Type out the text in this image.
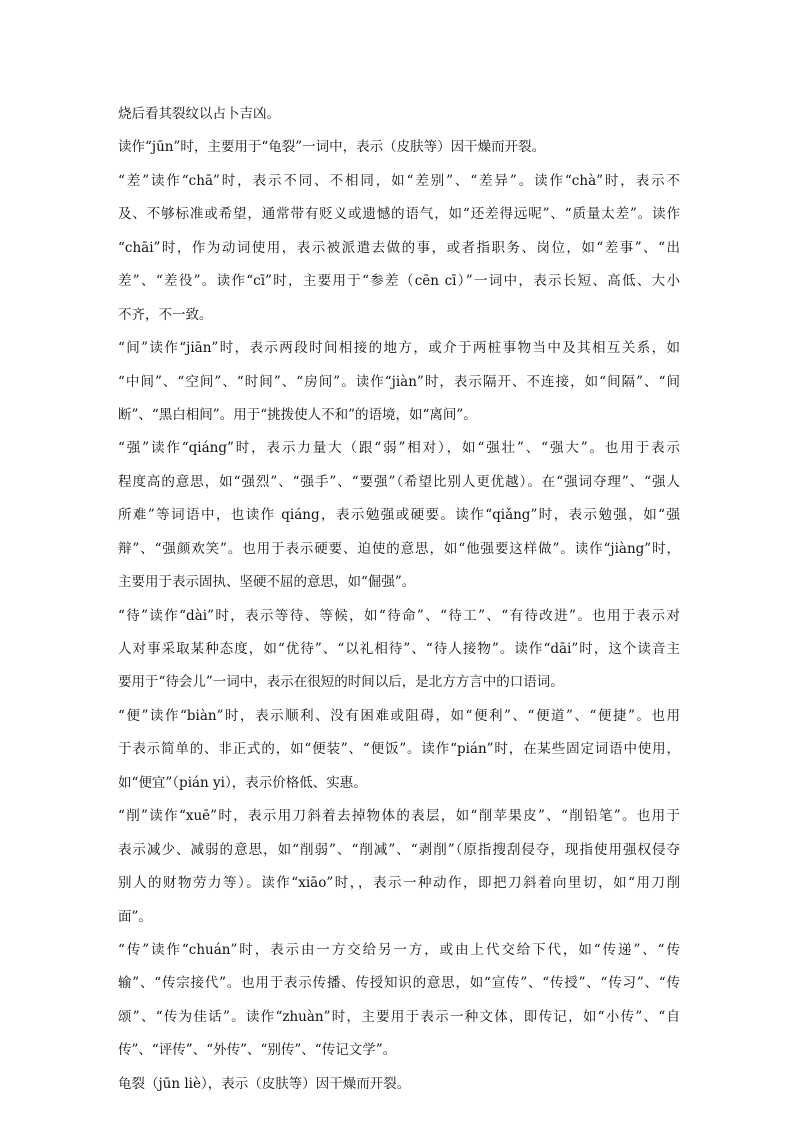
烧后看其裂纹以占卜吉凶。
读作“jūn”时，主要用于“龟裂”一词中，表示（皮肤等）因干燥而开裂。
“差”读作“chā”时，表示不同、不相同，如“差别”、“差异”。读作“chà”时，表示不
及、不够标准或希望，通常带有贬义或遗憾的语气，如“还差得远呢”、“质量太差”。读作
“chāi”时，作为动词使用，表示被派遣去做的事，或者指职务、岗位，如“差事”、“出
差”、“差役”。读作“cī”时，主要用于“参差（cēn cī）”一词中，表示长短、高低、大小
不齐，不一致。
“间”读作“jiān”时，表示两段时间相接的地方，或介于两桩事物当中及其相互关系，如
“中间”、“空间”、“时间”、“房间”。读作“jiàn”时，表示隔开、不连接，如“间隔”、“间
断”、“黑白相间”。用于“挑拨使人不和”的语境，如“离间”。
“强”读作“qiáng”时，表示力量大（跟“弱”相对），如“强壮”、“强大”。也用于表示
程度高的意思，如“强烈”、“强手”、“要强”（希望比别人更优越）。在“强词夺理”、“强人
所难”等词语中，也读作 qiáng，表示勉强或硬要。读作“qiǎng”时，表示勉强，如“强
辩”、“强颜欢笑”。也用于表示硬要、迫使的意思，如“他强要这样做”。读作“jiàng”时，
主要用于表示固执、坚硬不屈的意思，如“倔强”。
“待”读作“dài”时，表示等待、等候，如“待命”、“待工”、“有待改进”。也用于表示对
人对事采取某种态度，如“优待”、“以礼相待”、“待人接物”。读作“dāi”时，这个读音主
要用于“待会儿”一词中，表示在很短的时间以后，是北方方言中的口语词。
“便”读作“biàn”时，表示顺利、没有困难或阻碍，如“便利”、“便道”、“便捷”。也用
于表示简单的、非正式的，如“便装”、“便饭”。读作“pián”时，在某些固定词语中使用，
如“便宜”（pián yi），表示价格低、实惠。
“削”读作“xuē”时，表示用刀斜着去掉物体的表层，如“削苹果皮”、“削铅笔”。也用于
表示减少、减弱的意思，如“削弱”、“削减”、“剥削”（原指搜刮侵夺，现指使用强权侵夺
别人的财物劳力等）。读作“xiāo”时，，表示一种动作，即把刀斜着向里切，如“用刀削
面”。
“传”读作“chuán”时，表示由一方交给另一方，或由上代交给下代，如“传递”、“传
输”、“传宗接代”。也用于表示传播、传授知识的意思，如“宣传”、“传授”、“传习”、“传
颂”、“传为佳话”。读作“zhuàn”时，主要用于表示一种文体，即传记，如“小传”、“自
传”、“评传”、“外传”、“别传”、“传记文学”。
龟裂（jūn liè），表示（皮肤等）因干燥而开裂。
